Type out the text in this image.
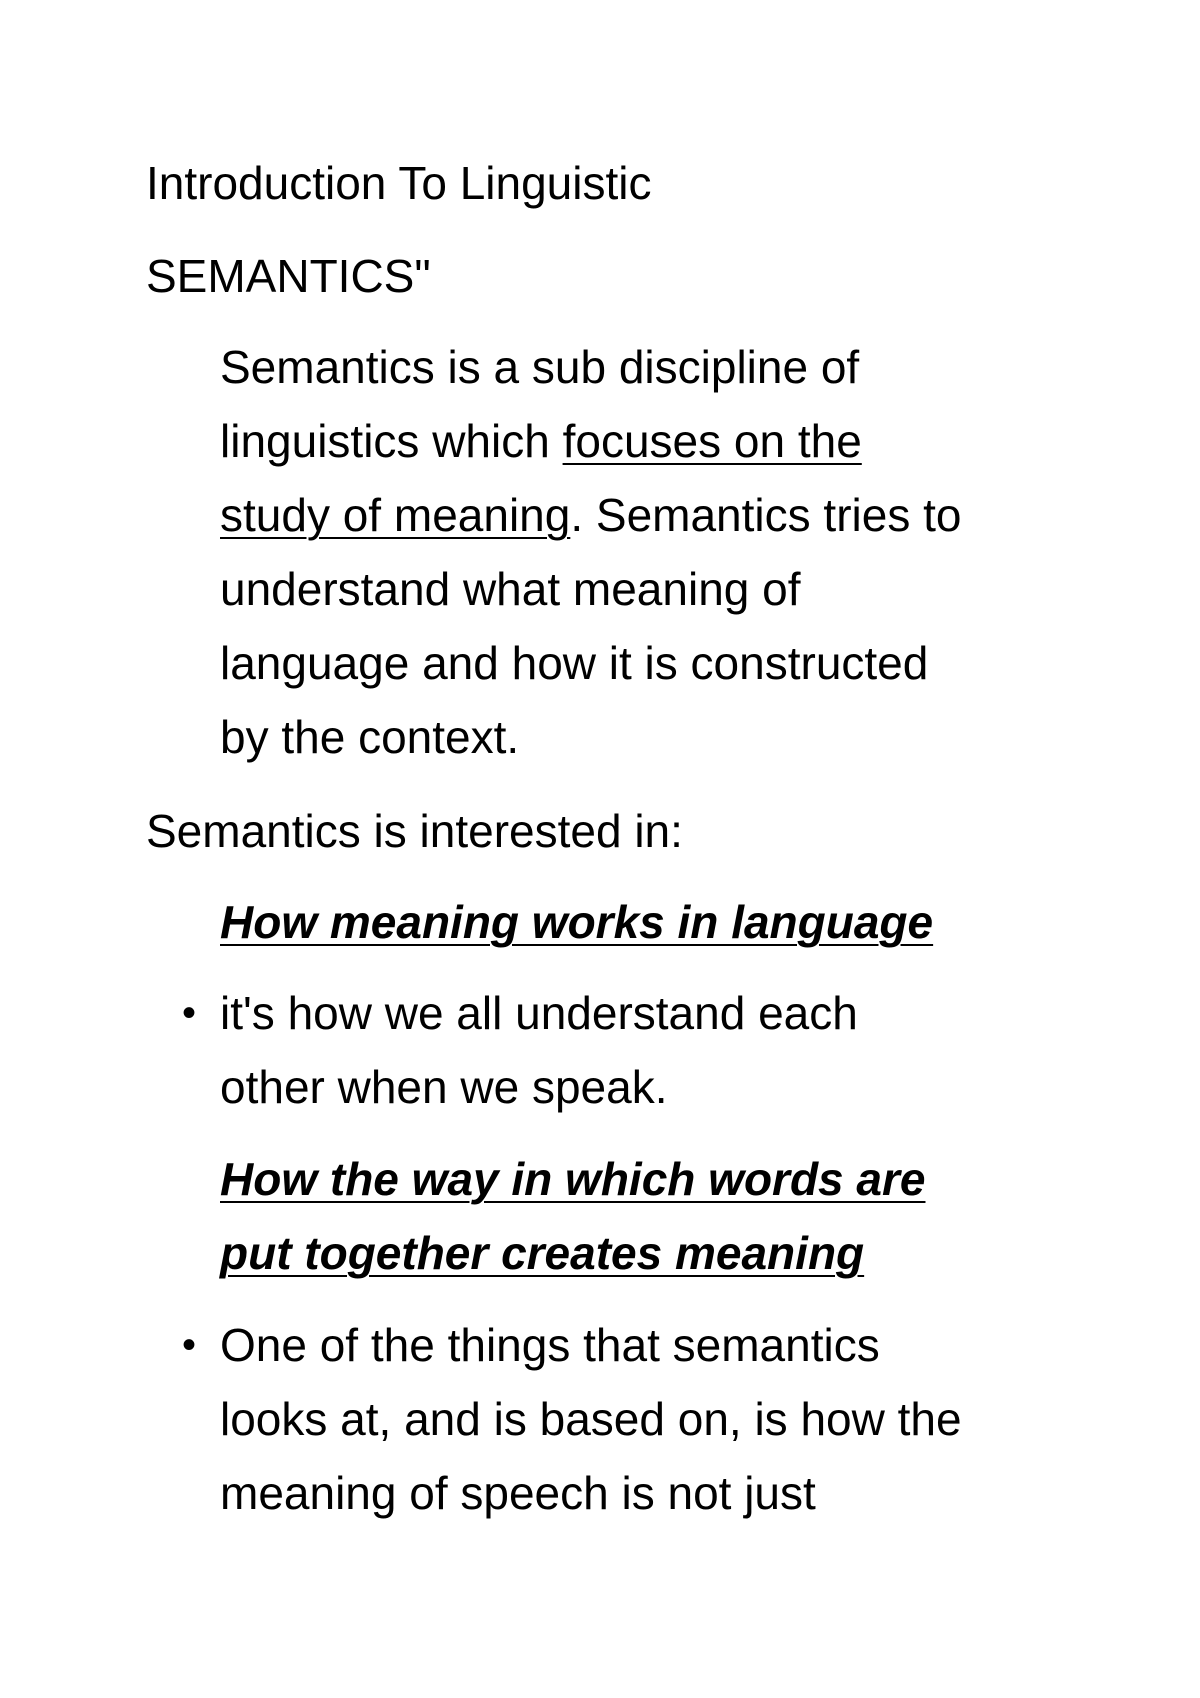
Introduction To Linguistic
SEMANTICS"
Semantics is a sub discipline of
linguistics which focuses on the
study of meaning. Semantics tries to
understand what meaning of
language and how it is constructed
by the context.
Semantics is interested in:
How meaning works in language
• it's how we all understand each
other when we speak.
How the way in which words are
put together creates meaning
• One of the things that semantics
looks at, and is based on, is how the
meaning of speech is not just
